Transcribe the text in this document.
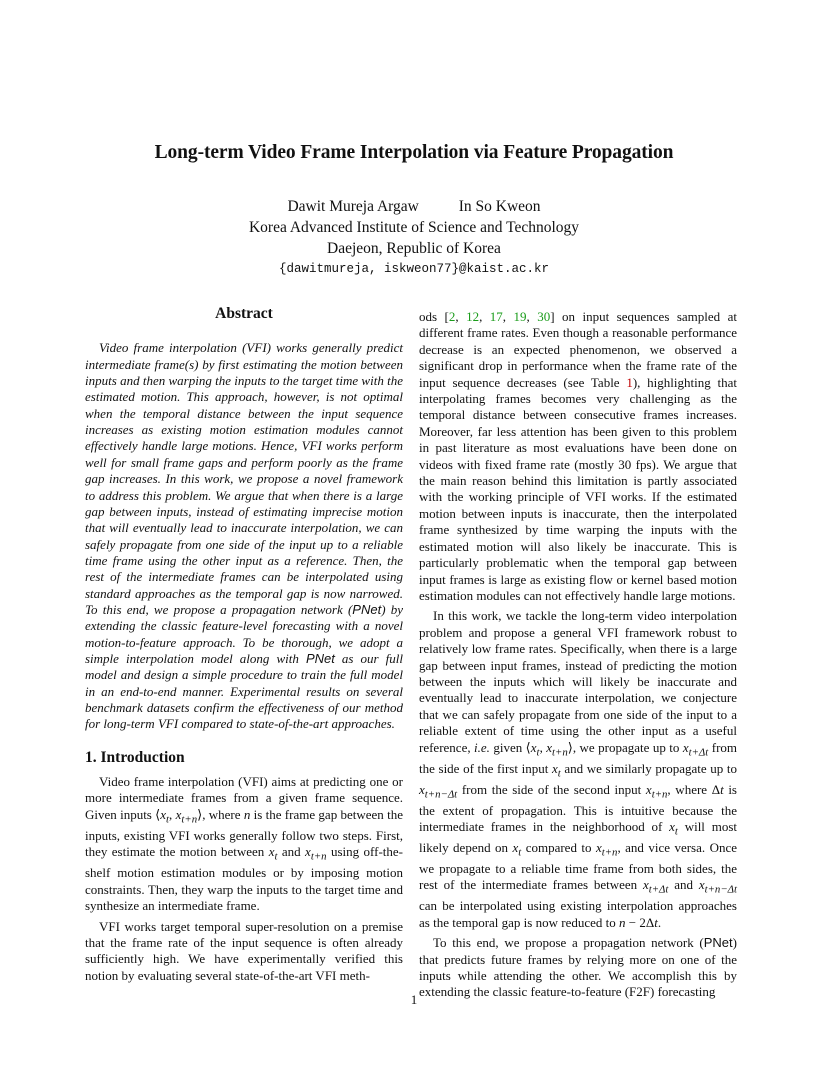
Long-term Video Frame Interpolation via Feature Propagation
Dawit Mureja Argaw	In So Kweon
Korea Advanced Institute of Science and Technology
Daejeon, Republic of Korea
{dawitmureja, iskweon77}@kaist.ac.kr
Abstract

Video frame interpolation (VFI) works generally predict intermediate frame(s) by first estimating the motion between inputs and then warping the inputs to the target time with the estimated motion. This approach, however, is not optimal when the temporal distance between the input sequence increases as existing motion estimation modules cannot effectively handle large motions. Hence, VFI works perform well for small frame gaps and perform poorly as the frame gap increases. In this work, we propose a novel framework to address this problem. We argue that when there is a large gap between inputs, instead of estimating imprecise motion that will eventually lead to inaccurate interpolation, we can safely propagate from one side of the input up to a reliable time frame using the other input as a reference. Then, the rest of the intermediate frames can be interpolated using standard approaches as the temporal gap is now narrowed. To this end, we propose a propagation network (PNet) by extending the classic feature-level forecasting with a novel motion-to-feature approach. To be thorough, we adopt a simple interpolation model along with PNet as our full model and design a simple procedure to train the full model in an end-to-end manner. Experimental results on several benchmark datasets confirm the effectiveness of our method for long-term VFI compared to state-of-the-art approaches.

1. Introduction

Video frame interpolation (VFI) aims at predicting one or more intermediate frames from a given frame sequence. Given inputs $⟨x_t$, $x_{t+n}⟩$, where n is the frame gap between the inputs, existing VFI works generally follow two steps. First, they estimate the motion between $x_t$ and $x_{t+n}$ using off-the-shelf motion estimation modules or by imposing motion constraints. Then, they warp the inputs to the target time and synthesize an intermediate frame.

VFI works target temporal super-resolution on a premise that the frame rate of the input sequence is often already sufficiently high. We have experimentally verified this notion by evaluating several state-of-the-art VFI meth-

ods [2, 12, 17, 19, 30] on input sequences sampled at different frame rates. Even though a reasonable performance decrease is an expected phenomenon, we observed a significant drop in performance when the frame rate of the input sequence decreases (see Table 1), highlighting that interpolating frames becomes very challenging as the temporal distance between consecutive frames increases. Moreover, far less attention has been given to this problem in past literature as most evaluations have been done on videos with fixed frame rate (mostly 30 fps). We argue that the main reason behind this limitation is partly associated with the working principle of VFI works. If the estimated motion between inputs is inaccurate, then the interpolated frame synthesized by time warping the inputs with the estimated motion will also likely be inaccurate. This is particularly problematic when the temporal gap between input frames is large as existing flow or kernel based motion estimation modules can not effectively handle large motions.

In this work, we tackle the long-term video interpolation problem and propose a general VFI framework robust to relatively low frame rates. Specifically, when there is a large gap between input frames, instead of predicting the motion between the inputs which will likely be inaccurate and eventually lead to inaccurate interpolation, we conjecture that we can safely propagate from one side of the input to a reliable extent of time using the other input as a useful reference, i.e. given $⟨x_t$, $x_{t+n}⟩$, we propagate up to $x_{t+\Delta t}$ from the side of the first input $x_t$ and we similarly propagate up to $x_{t+n-\Delta t}$ from the side of the second input $x_{t+n}$, where Δt is the extent of propagation. This is intuitive because the intermediate frames in the neighborhood of $x_t$ will most likely depend on $x_t$ compared to $x_{t+n}$, and vice versa. Once we propagate to a reliable time frame from both sides, the rest of the intermediate frames between $x_{t+\Delta t}$ and $x_{t+n-\Delta t}$ can be interpolated using existing interpolation approaches as the temporal gap is now reduced to n − 2Δt.

To this end, we propose a propagation network (PNet) that predicts future frames by relying more on one of the inputs while attending the other. We accomplish this by extending the classic feature-to-feature (F2F) forecasting

1
